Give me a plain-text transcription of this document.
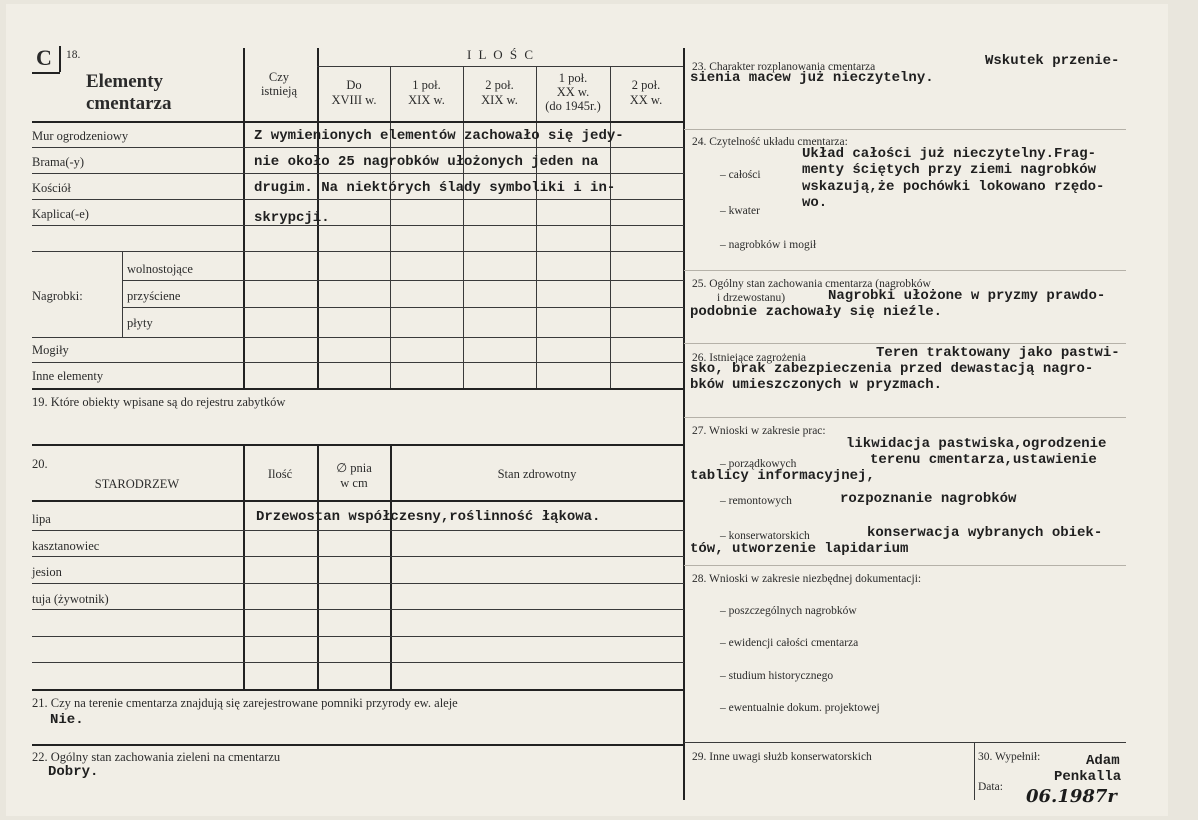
C 18.
Elementy
cmentarza
Czy
istnieją
I L O Ś C
Do
XVIII w.
1 poł.
XIX w.
2 poł.
XIX w.
1 poł.
XX w.
(do 1945r.)
2 poł.
XX w.
Mur ogrodzeniowy
Brama(-y)
Kościół
Kaplica(-e)
Nagrobki:
wolnostojące
przyściene
płyty
Mogiły
Inne elementy
Z wymienionych elementów zachowało się jedy-
nie około 25 nagrobków ułożonych jeden na
drugim. Na niektórych ślady symboliki i in-
skrypcji.
19. Które obiekty wpisane są do rejestru zabytków
20.
STARODRZEW
Ilość	∅ pnia
w cm
Stan zdrowotny
lipa
kasztanowiec
jesion
tuja (żywotnik)
Drzewostan współczesny,roślinność łąkowa.
21. Czy na terenie cmentarza znajdują się zarejestrowane pomniki przyrody ew. aleje
Nie.
22. Ogólny stan zachowania zieleni na cmentarzu
Dobry.
23. Charakter rozplanowania cmentarza	Wskutek przenie-
sienia macew już nieczytelny.
24. Czytelność układu cmentarza:
– całości
– kwater
– nagrobków i mogił
Układ całości już nieczytelny.Frag-
menty ściętych przy ziemi nagrobków
wskazują,że pochówki lokowano rzędo-
wo.
25. Ogólny stan zachowania cmentarza (nagrobków
i drzewostanu)	Nagrobki ułożone w pryzmy prawdo-
podobnie zachowały się nieźle.
26. Istniejące zagrożenia	Teren traktowany jako pastwi-
sko, brak zabezpieczenia przed dewastacją nagro-
bków umieszczonych w pryzmach.
27. Wnioski w zakresie prac:
likwidacja pastwiska,ogrodzenie
– porządkowych	terenu cmentarza,ustawienie
tablicy informacyjnej,
– remontowych	rozpoznanie nagrobków
– konserwatorskich	konserwacja wybranych obiek-
tów, utworzenie lapidarium
28. Wnioski w zakresie niezbędnej dokumentacji:
– poszczególnych nagrobków
– ewidencji całości cmentarza
– studium historycznego
– ewentualnie dokum. projektowej
29. Inne uwagi służb konserwatorskich	30. Wypełnił:	Adam
Penkalla
Data: 06.1987r
